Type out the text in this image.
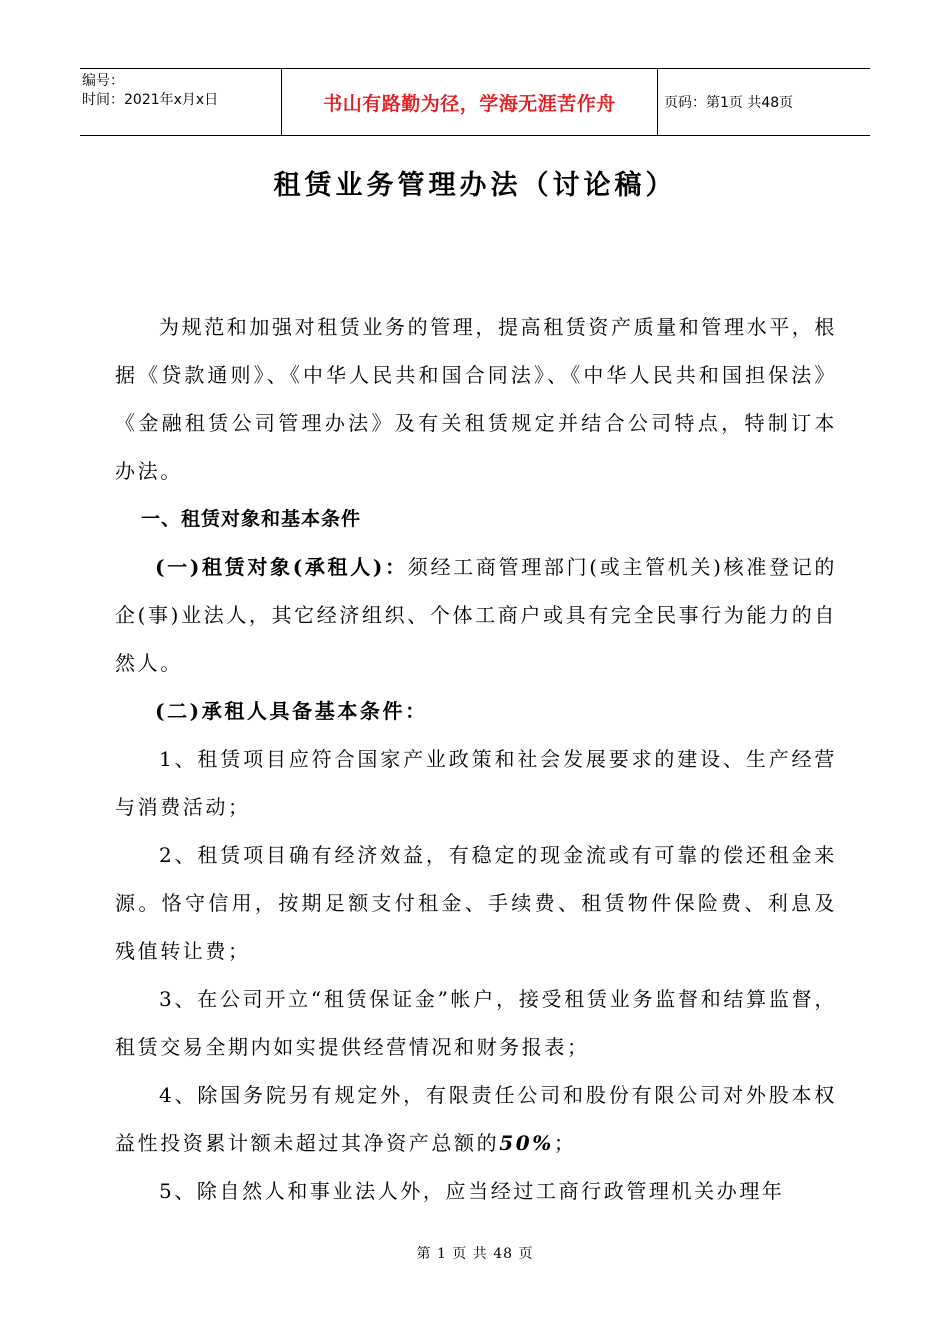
编号：
时间：2021年x月x日	书山有路勤为径，学海无涯苦作舟	页码：第1页 共48页
租赁业务管理办法（讨论稿）

为规范和加强对租赁业务的管理，提高租赁资产质量和管理水平，根据《贷款通则》、《中华人民共和国合同法》、《中华人民共和国担保法》《金融租赁公司管理办法》及有关租赁规定并结合公司特点，特制订本办法。

一、租赁对象和基本条件

(一)租赁对象(承租人)：须经工商管理部门(或主管机关)核准登记的企(事)业法人，其它经济组织、个体工商户或具有完全民事行为能力的自然人。

(二)承租人具备基本条件：

1、租赁项目应符合国家产业政策和社会发展要求的建设、生产经营与消费活动；

2、租赁项目确有经济效益，有稳定的现金流或有可靠的偿还租金来源。恪守信用，按期足额支付租金、手续费、租赁物件保险费、利息及残值转让费；

3、在公司开立“租赁保证金”帐户，接受租赁业务监督和结算监督，租赁交易全期内如实提供经营情况和财务报表；

4、除国务院另有规定外，有限责任公司和股份有限公司对外股本权益性投资累计额未超过其净资产总额的50%；

5、除自然人和事业法人外，应当经过工商行政管理机关办理年

第 1 页 共 48 页
